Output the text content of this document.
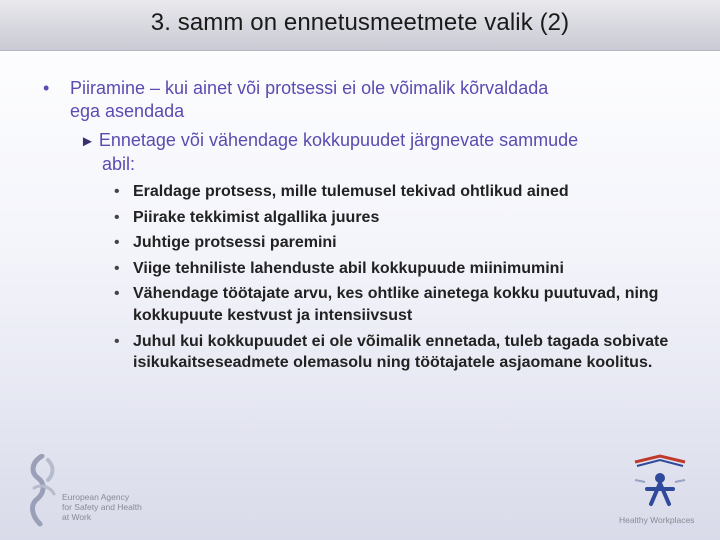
3. samm on ennetusmeetmete valik (2)
• Piiramine – kui ainet või protsessi ei ole võimalik kõrvaldada
ega asendada
► Ennetage või vähendage kokkupuudet järgnevate sammude
abil:
• Eraldage protsess, mille tulemusel tekivad ohtlikud ained
• Piirake tekkimist algallika juures
• Juhtige protsessi paremini
• Viige tehniliste lahenduste abil kokkupuude miinimumini
• Vähendage töötajate arvu, kes ohtlike ainetega kokku puutuvad, ning kokkupuute kestvust ja intensiivsust
• Juhul kui kokkupuudet ei ole võimalik ennetada, tuleb tagada sobivate isikukaitseseadmete olemasolu ning töötajatele asjaomane koolitus.
European Agency
for Safety and Health
at Work	Healthy Workplaces
